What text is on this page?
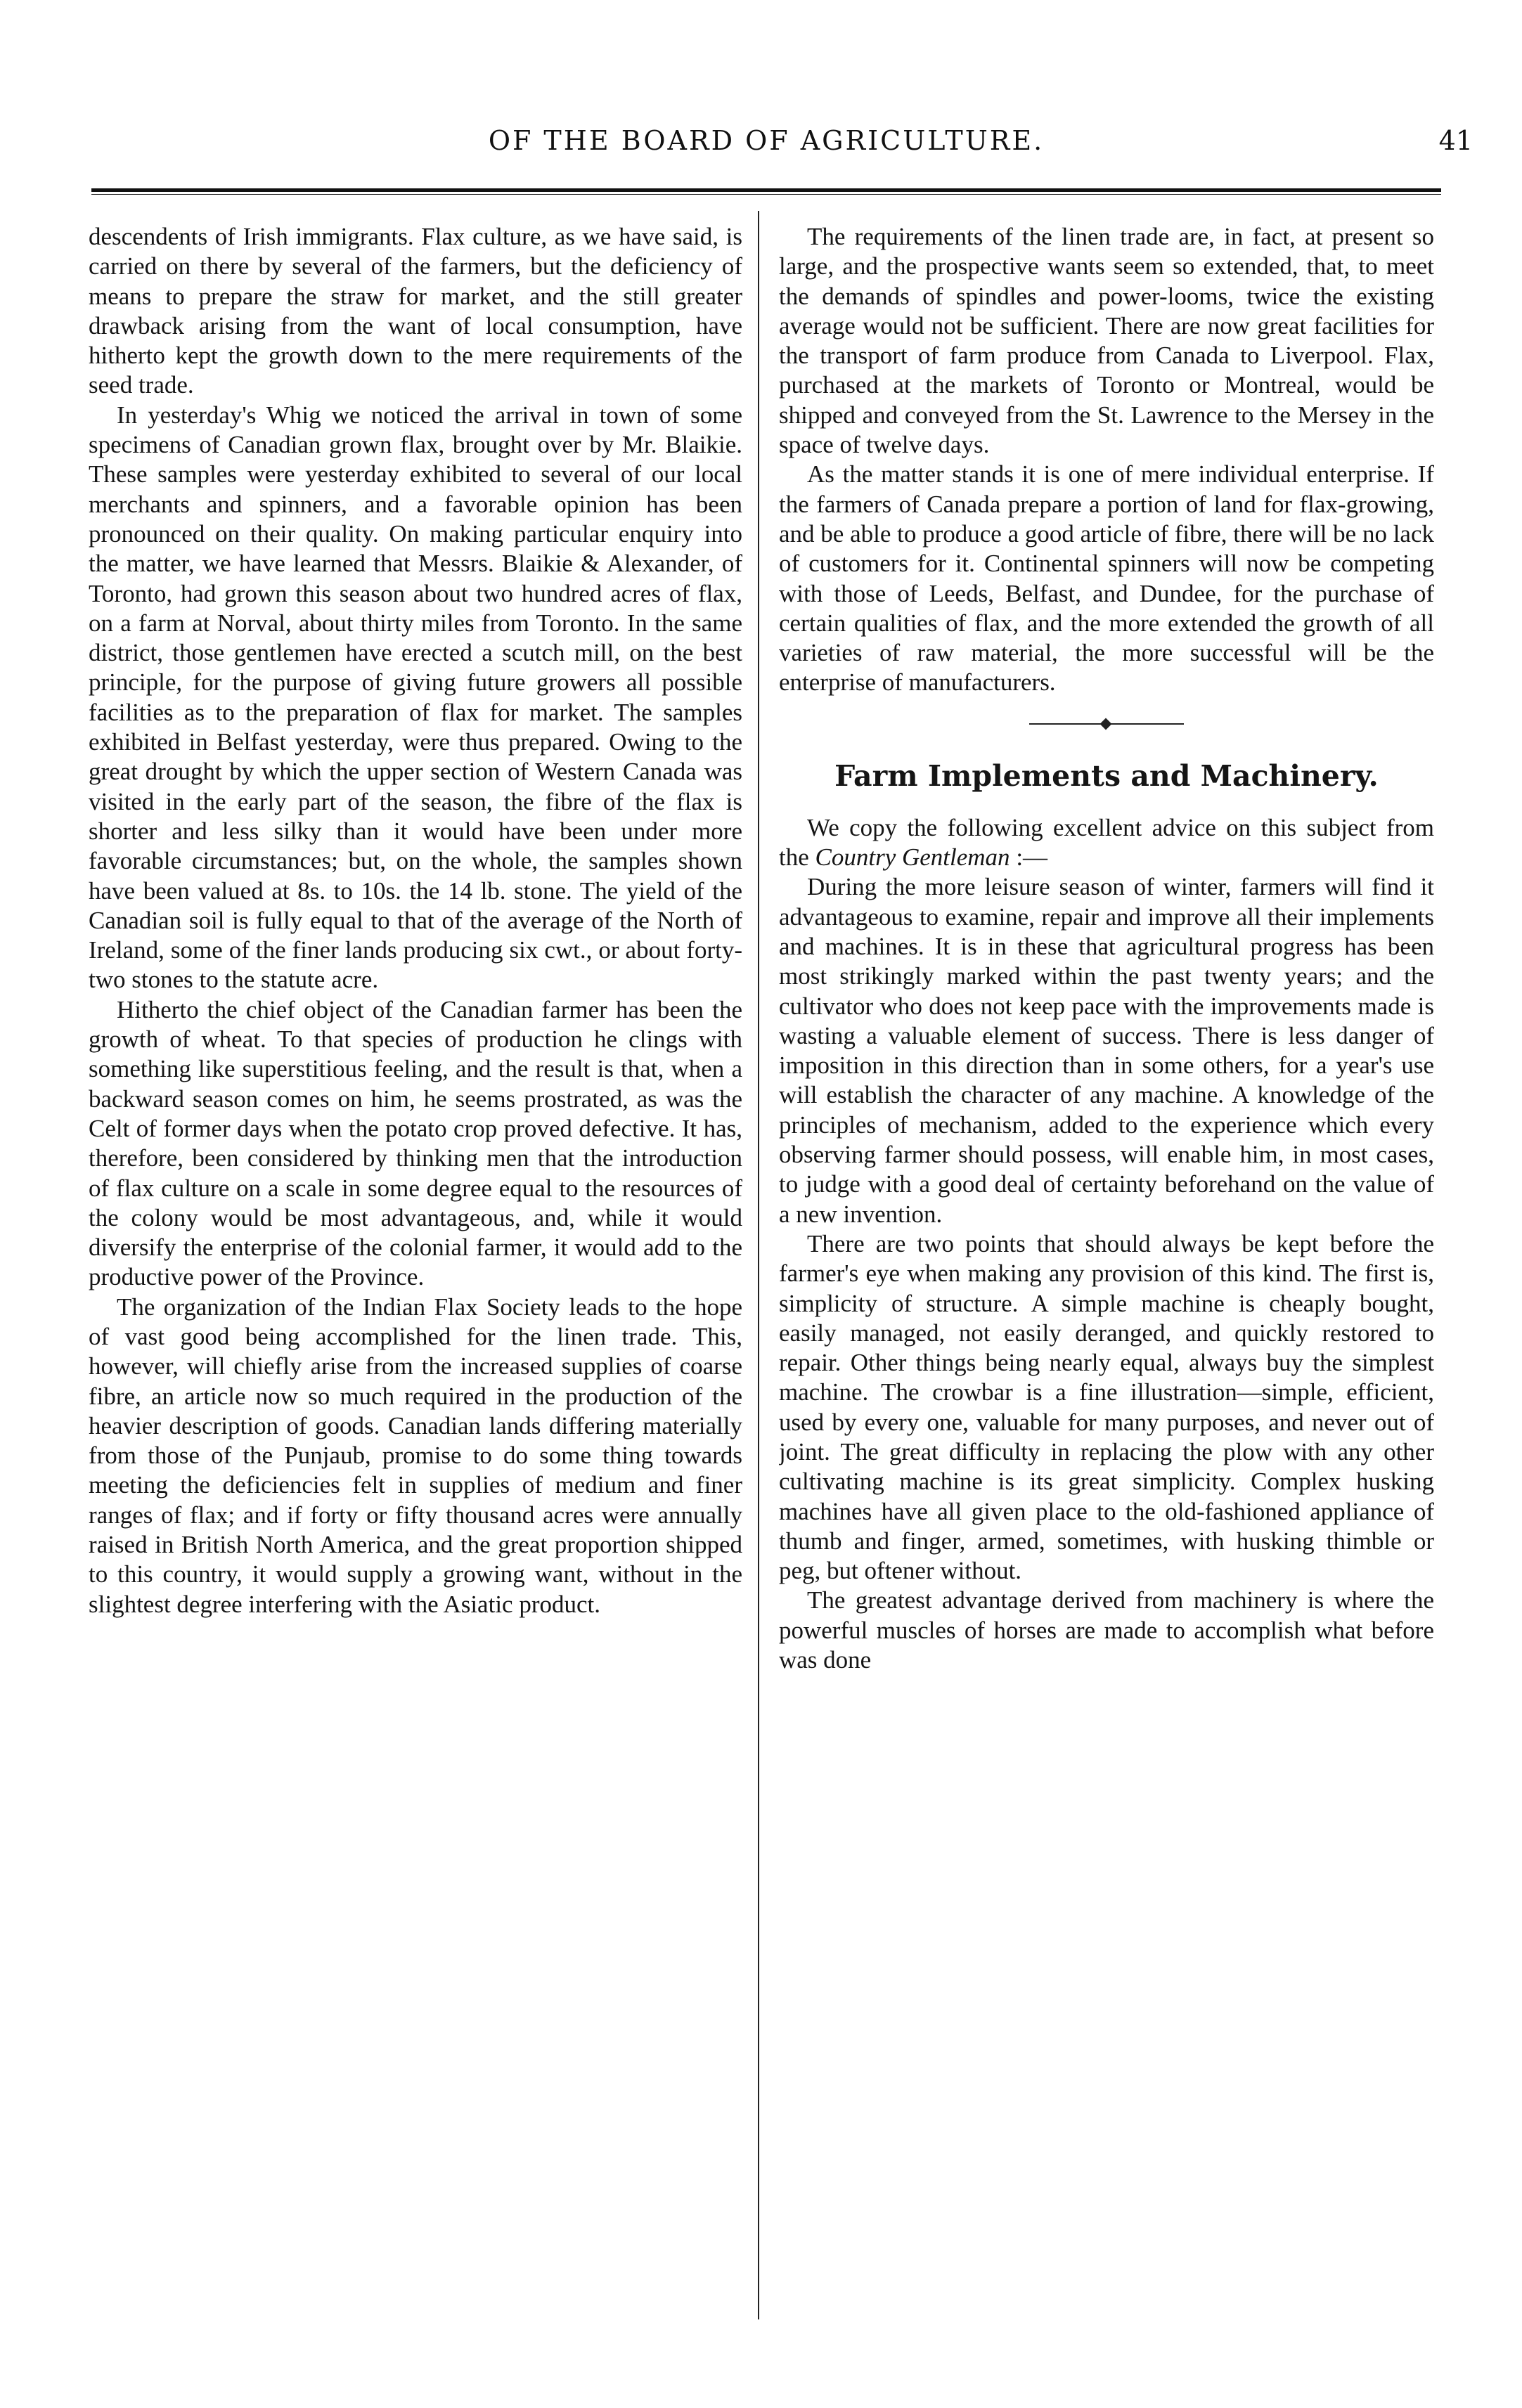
OF THE BOARD OF AGRICULTURE.	41

descendents of Irish immigrants. Flax culture, as we have said, is carried on there by several of the farmers, but the deficiency of means to prepare the straw for market, and the still greater drawback arising from the want of local consumption, have hitherto kept the growth down to the mere requirements of the seed trade.

In yesterday's Whig we noticed the arrival in town of some specimens of Canadian grown flax, brought over by Mr. Blaikie. These samples were yesterday exhibited to several of our local merchants and spinners, and a favorable opinion has been pronounced on their quality. On making particular enquiry into the matter, we have learned that Messrs. Blaikie & Alexander, of Toronto, had grown this season about two hundred acres of flax, on a farm at Norval, about thirty miles from Toronto. In the same district, those gentlemen have erected a scutch mill, on the best principle, for the purpose of giving future growers all possible facilities as to the preparation of flax for market. The samples exhibited in Belfast yesterday, were thus prepared. Owing to the great drought by which the upper section of Western Canada was visited in the early part of the season, the fibre of the flax is shorter and less silky than it would have been under more favorable circumstances; but, on the whole, the samples shown have been valued at 8s. to 10s. the 14 lb. stone. The yield of the Canadian soil is fully equal to that of the average of the North of Ireland, some of the finer lands producing six cwt., or about forty-two stones to the statute acre.

Hitherto the chief object of the Canadian farmer has been the growth of wheat. To that species of production he clings with something like superstitious feeling, and the result is that, when a backward season comes on him, he seems prostrated, as was the Celt of former days when the potato crop proved defective. It has, therefore, been considered by thinking men that the introduction of flax culture on a scale in some degree equal to the resources of the colony would be most advantageous, and, while it would diversify the enterprise of the colonial farmer, it would add to the productive power of the Province.

The organization of the Indian Flax Society leads to the hope of vast good being accomplished for the linen trade. This, however, will chiefly arise from the increased supplies of coarse fibre, an article now so much required in the production of the heavier description of goods. Canadian lands differing materially from those of the Punjaub, promise to do some thing towards meeting the deficiencies felt in supplies of medium and finer ranges of flax; and if forty or fifty thousand acres were annually raised in British North America, and the great proportion shipped to this country, it would supply a growing want, without in the slightest degree interfering with the Asiatic product.

The requirements of the linen trade are, in fact, at present so large, and the prospective wants seem so extended, that, to meet the demands of spindles and power-looms, twice the existing average would not be sufficient. There are now great facilities for the transport of farm produce from Canada to Liverpool. Flax, purchased at the markets of Toronto or Montreal, would be shipped and conveyed from the St. Lawrence to the Mersey in the space of twelve days.

As the matter stands it is one of mere individual enterprise. If the farmers of Canada prepare a portion of land for flax-growing, and be able to produce a good article of fibre, there will be no lack of customers for it. Continental spinners will now be competing with those of Leeds, Belfast, and Dundee, for the purchase of certain qualities of flax, and the more extended the growth of all varieties of raw material, the more successful will be the enterprise of manufacturers.

Farm Implements and Machinery.

We copy the following excellent advice on this subject from the Country Gentleman :—

During the more leisure season of winter, farmers will find it advantageous to examine, repair and improve all their implements and machines. It is in these that agricultural progress has been most strikingly marked within the past twenty years; and the cultivator who does not keep pace with the improvements made is wasting a valuable element of success. There is less danger of imposition in this direction than in some others, for a year's use will establish the character of any machine. A knowledge of the principles of mechanism, added to the experience which every observing farmer should possess, will enable him, in most cases, to judge with a good deal of certainty beforehand on the value of a new invention.

There are two points that should always be kept before the farmer's eye when making any provision of this kind. The first is, simplicity of structure. A simple machine is cheaply bought, easily managed, not easily deranged, and quickly restored to repair. Other things being nearly equal, always buy the simplest machine. The crowbar is a fine illustration—simple, efficient, used by every one, valuable for many purposes, and never out of joint. The great difficulty in replacing the plow with any other cultivating machine is its great simplicity. Complex husking machines have all given place to the old-fashioned appliance of thumb and finger, armed, sometimes, with husking thimble or peg, but oftener without.

The greatest advantage derived from machinery is where the powerful muscles of horses are made to accomplish what before was done
